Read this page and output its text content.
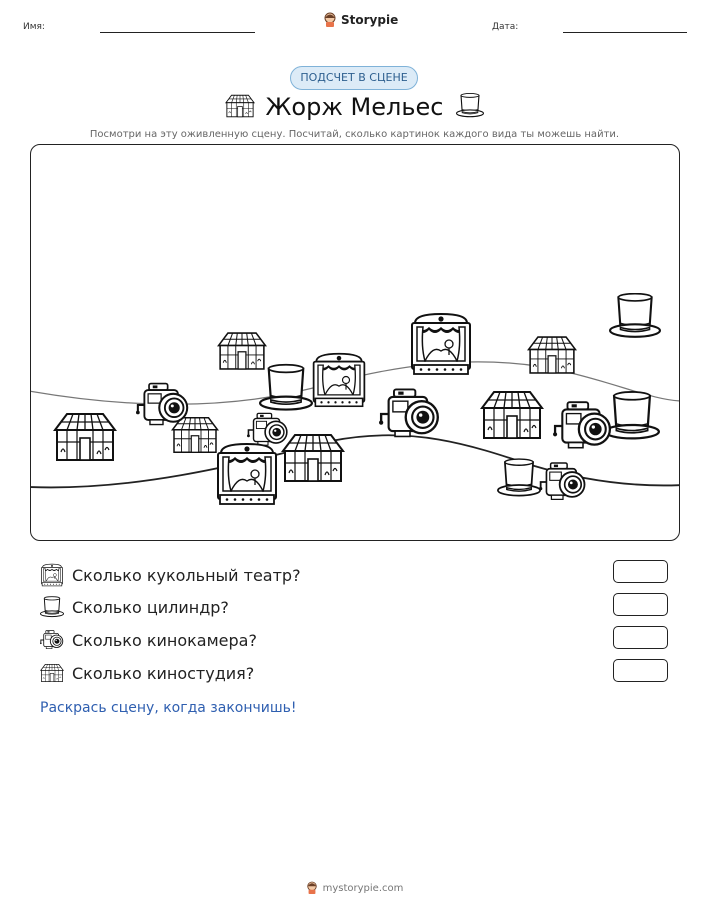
Имя:	Storypie	Дата:
ПОДСЧЕТ В СЦЕНЕ
Жорж Мельес
Посмотри на эту оживленную сцену. Посчитай, сколько картинок каждого вида ты можешь найти.
Сколько кукольный театр?
Сколько цилиндр?
Сколько кинокамера?
Сколько киностудия?
Раскрась сцену, когда закончишь!
mystorypie.com
